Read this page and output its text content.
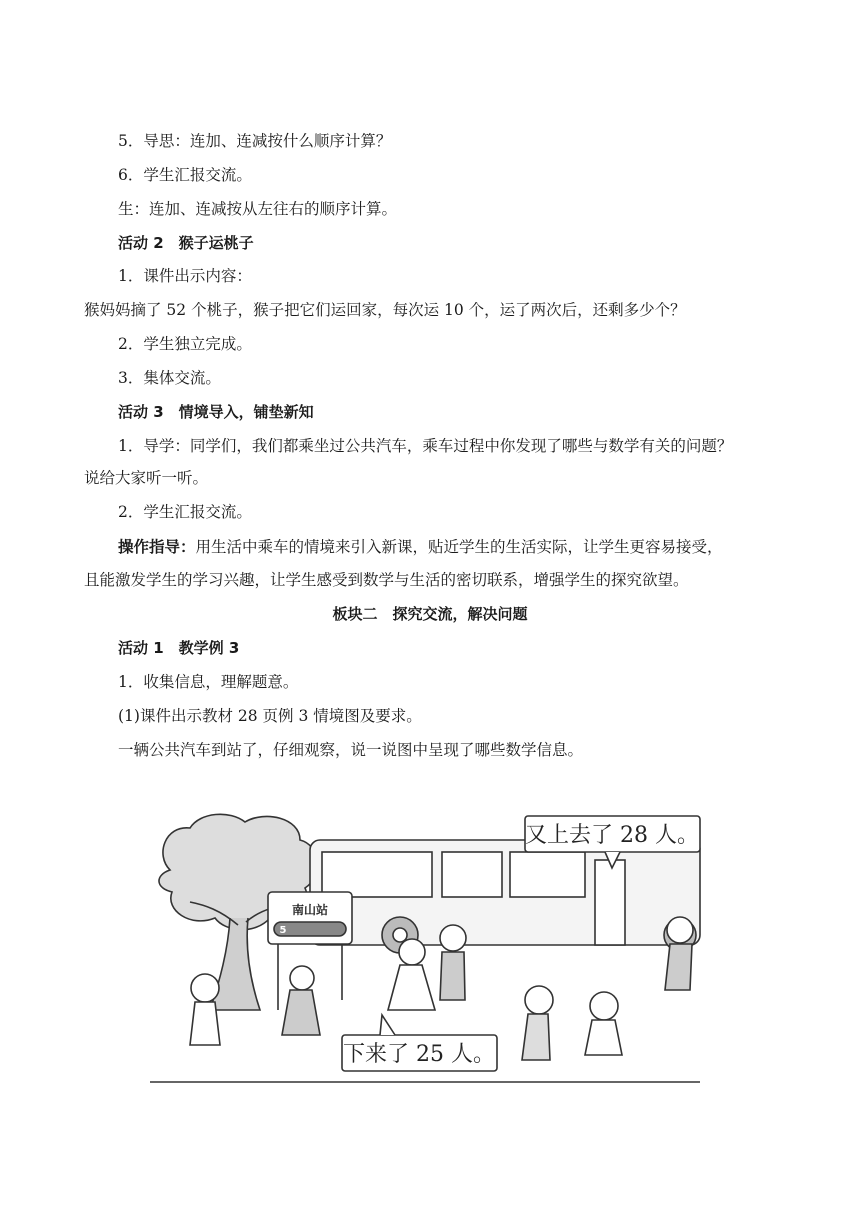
5．导思：连加、连减按什么顺序计算？
6．学生汇报交流。
生：连加、连减按从左往右的顺序计算。
活动 2　猴子运桃子
1．课件出示内容：
猴妈妈摘了 52 个桃子，猴子把它们运回家，每次运 10 个，运了两次后，还剩多少个？
2．学生独立完成。
3．集体交流。
活动 3　情境导入，铺垫新知
1．导学：同学们，我们都乘坐过公共汽车，乘车过程中你发现了哪些与数学有关的问题？
说给大家听一听。
2．学生汇报交流。
操作指导：用生活中乘车的情境来引入新课，贴近学生的生活实际，让学生更容易接受，
且能激发学生的学习兴趣，让学生感受到数学与生活的密切联系，增强学生的探究欲望。
板块二　探究交流，解决问题
活动 1　教学例 3
1．收集信息，理解题意。
(1)课件出示教材 28 页例 3 情境图及要求。
一辆公共汽车到站了，仔细观察，说一说图中呈现了哪些数学信息。
又上去了 28 人。
下来了 25 人。
南山站
5
